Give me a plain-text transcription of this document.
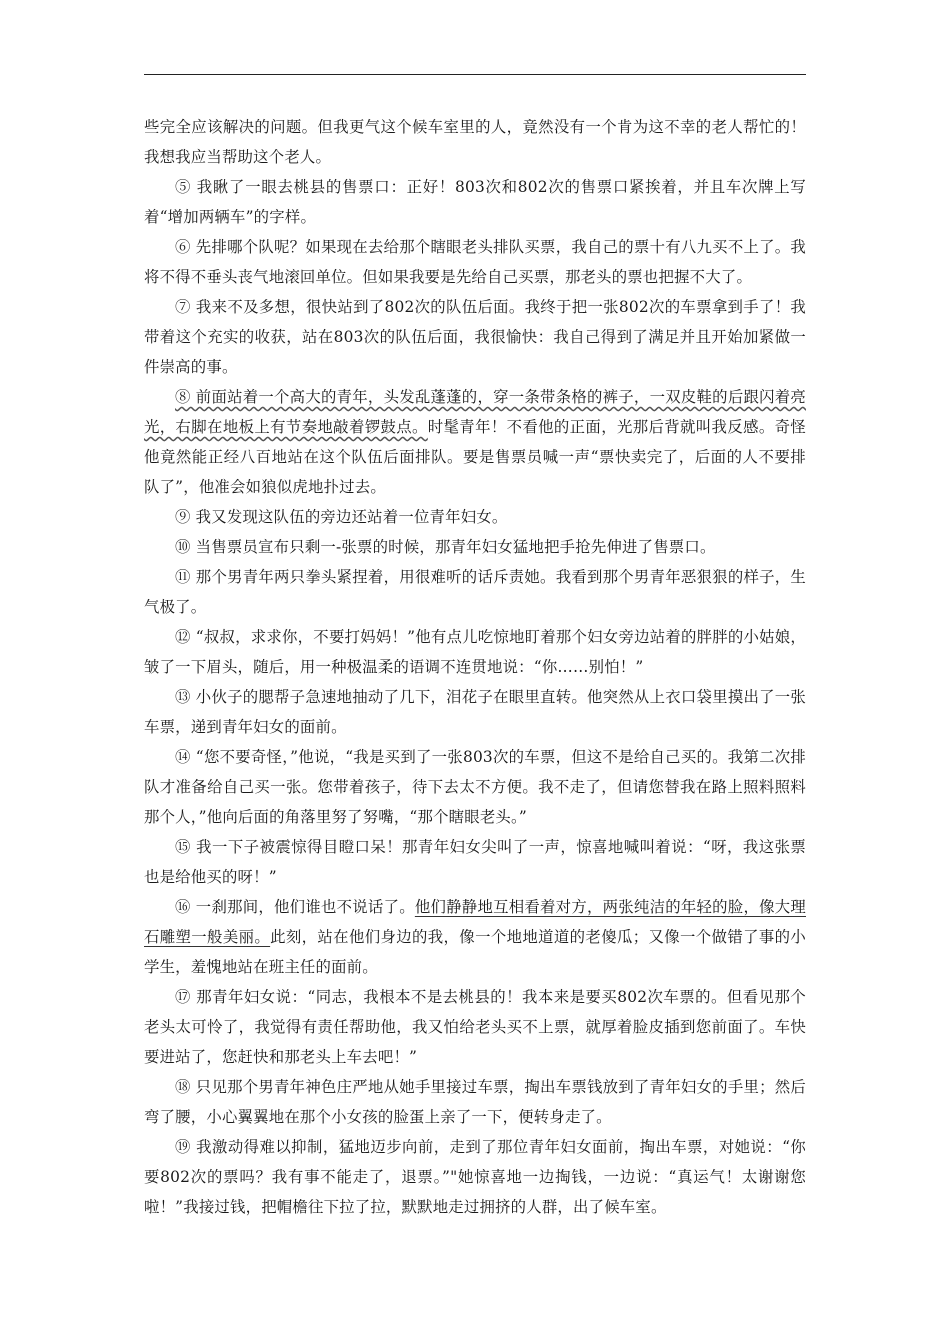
些完全应该解决的问题。但我更气这个候车室里的人，竟然没有一个肯为这不幸的老人帮忙的！我想我应当帮助这个老人。

⑤ 我瞅了一眼去桃县的售票口：正好！803次和802次的售票口紧挨着，并且车次牌上写着“增加两辆车”的字样。

⑥ 先排哪个队呢？如果现在去给那个瞎眼老头排队买票，我自己的票十有八九买不上了。我将不得不垂头丧气地滚回单位。但如果我要是先给自己买票，那老头的票也把握不大了。

⑦ 我来不及多想，很快站到了802次的队伍后面。我终于把一张802次的车票拿到手了！我带着这个充实的收获，站在803次的队伍后面，我很愉快：我自己得到了满足并且开始加紧做一件崇高的事。

⑧ 前面站着一个高大的青年，头发乱蓬蓬的，穿一条带条格的裤子，一双皮鞋的后跟闪着亮光，右脚在地板上有节奏地敲着锣鼓点。时髦青年！不看他的正面，光那后背就叫我反感。奇怪他竟然能正经八百地站在这个队伍后面排队。要是售票员喊一声“票快卖完了，后面的人不要排队了”，他准会如狼似虎地扑过去。

⑨ 我又发现这队伍的旁边还站着一位青年妇女。

⑩ 当售票员宣布只剩一-张票的时候，那青年妇女猛地把手抢先伸进了售票口。

⑪ 那个男青年两只拳头紧捏着，用很难听的话斥责她。我看到那个男青年恶狠狠的样子，生气极了。

⑫ “叔叔，求求你，不要打妈妈！”他有点儿吃惊地盯着那个妇女旁边站着的胖胖的小姑娘，皱了一下眉头，随后，用一种极温柔的语调不连贯地说：“你……别怕！”

⑬ 小伙子的腮帮子急速地抽动了几下，泪花子在眼里直转。他突然从上衣口袋里摸出了一张车票，递到青年妇女的面前。

⑭ “您不要奇怪，”他说，“我是买到了一张803次的车票，但这不是给自己买的。我第二次排队才准备给自己买一张。您带着孩子，待下去太不方便。我不走了，但请您替我在路上照料照料那个人，”他向后面的角落里努了努嘴，“那个瞎眼老头。”

⑮ 我一下子被震惊得目瞪口呆！那青年妇女尖叫了一声，惊喜地喊叫着说：“呀，我这张票也是给他买的呀！”

⑯ 一刹那间，他们谁也不说话了。他们静静地互相看着对方，两张纯洁的年轻的脸，像大理石雕塑一般美丽。此刻，站在他们身边的我，像一个地地道道的老傻瓜；又像一个做错了事的小学生，羞愧地站在班主任的面前。

⑰ 那青年妇女说：“同志，我根本不是去桃县的！我本来是要买802次车票的。但看见那个老头太可怜了，我觉得有责任帮助他，我又怕给老头买不上票，就厚着脸皮插到您前面了。车快要进站了，您赶快和那老头上车去吧！”

⑱ 只见那个男青年神色庄严地从她手里接过车票，掏出车票钱放到了青年妇女的手里；然后弯了腰，小心翼翼地在那个小女孩的脸蛋上亲了一下，便转身走了。

⑲ 我激动得难以抑制，猛地迈步向前，走到了那位青年妇女面前，掏出车票，对她说：“你要802次的票吗？我有事不能走了，退票。”"她惊喜地一边掏钱，一边说：“真运气！太谢谢您啦！”我接过钱，把帽檐往下拉了拉，默默地走过拥挤的人群，出了候车室。
